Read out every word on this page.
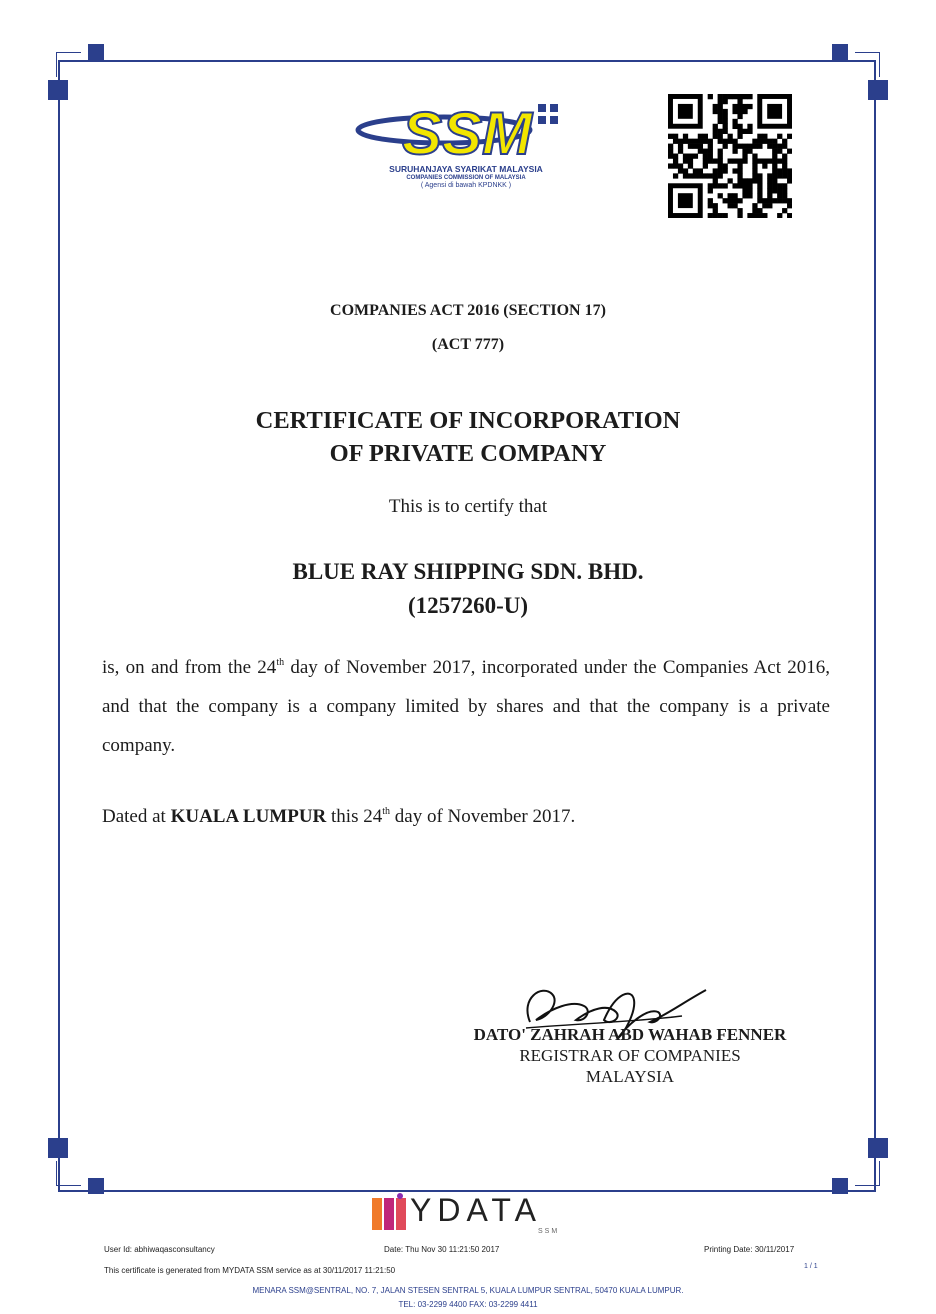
SSM
SURUHANJAYA SYARIKAT MALAYSIA
COMPANIES COMMISSION OF MALAYSIA
( Agensi di bawah KPDNKK )
COMPANIES ACT 2016 (SECTION 17)
(ACT 777)
CERTIFICATE OF INCORPORATION
OF PRIVATE COMPANY
This is to certify that
BLUE RAY SHIPPING SDN. BHD.
(1257260-U)
is, on and from the 24th day of November 2017, incorporated under the Companies Act 2016, and that the company is a company limited by shares and that the company is a private company.
Dated at KUALA LUMPUR this 24th day of November 2017.
DATO' ZAHRAH ABD WAHAB FENNER
REGISTRAR OF COMPANIES
MALAYSIA
YDATA
SSM
User Id: abhiwaqasconsultancy	Date: Thu Nov 30 11:21:50 2017	Printing Date: 30/11/2017
This certificate is generated from MYDATA SSM service as at 30/11/2017 11:21:50	1 / 1
MENARA SSM@SENTRAL, NO. 7, JALAN STESEN SENTRAL 5, KUALA LUMPUR SENTRAL, 50470 KUALA LUMPUR.
TEL: 03-2299 4400 FAX: 03-2299 4411
